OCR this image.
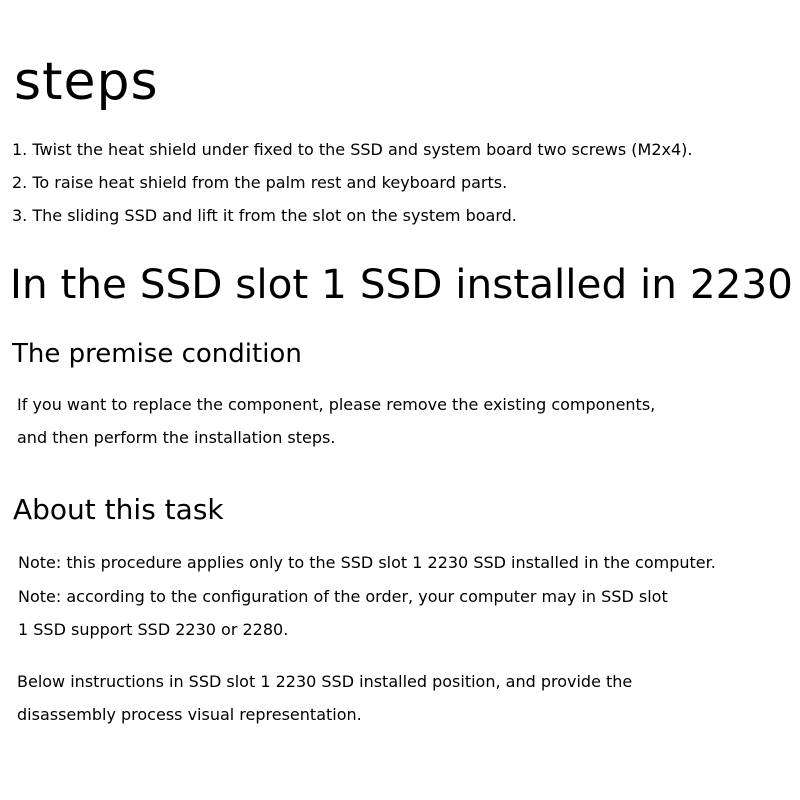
steps

1. Twist the heat shield under fixed to the SSD and system board two screws (M2x4).

2. To raise heat shield from the palm rest and keyboard parts.

3. The sliding SSD and lift it from the slot on the system board.

In the SSD slot 1 SSD installed in 2230
The premise condition

If you want to replace the component, please remove the existing components,

and then perform the installation steps.

About this task

Note: this procedure applies only to the SSD slot 1 2230 SSD installed in the computer.

Note: according to the configuration of the order, your computer may in SSD slot

1 SSD support SSD 2230 or 2280.

Below instructions in SSD slot 1 2230 SSD installed position, and provide the

disassembly process visual representation.
